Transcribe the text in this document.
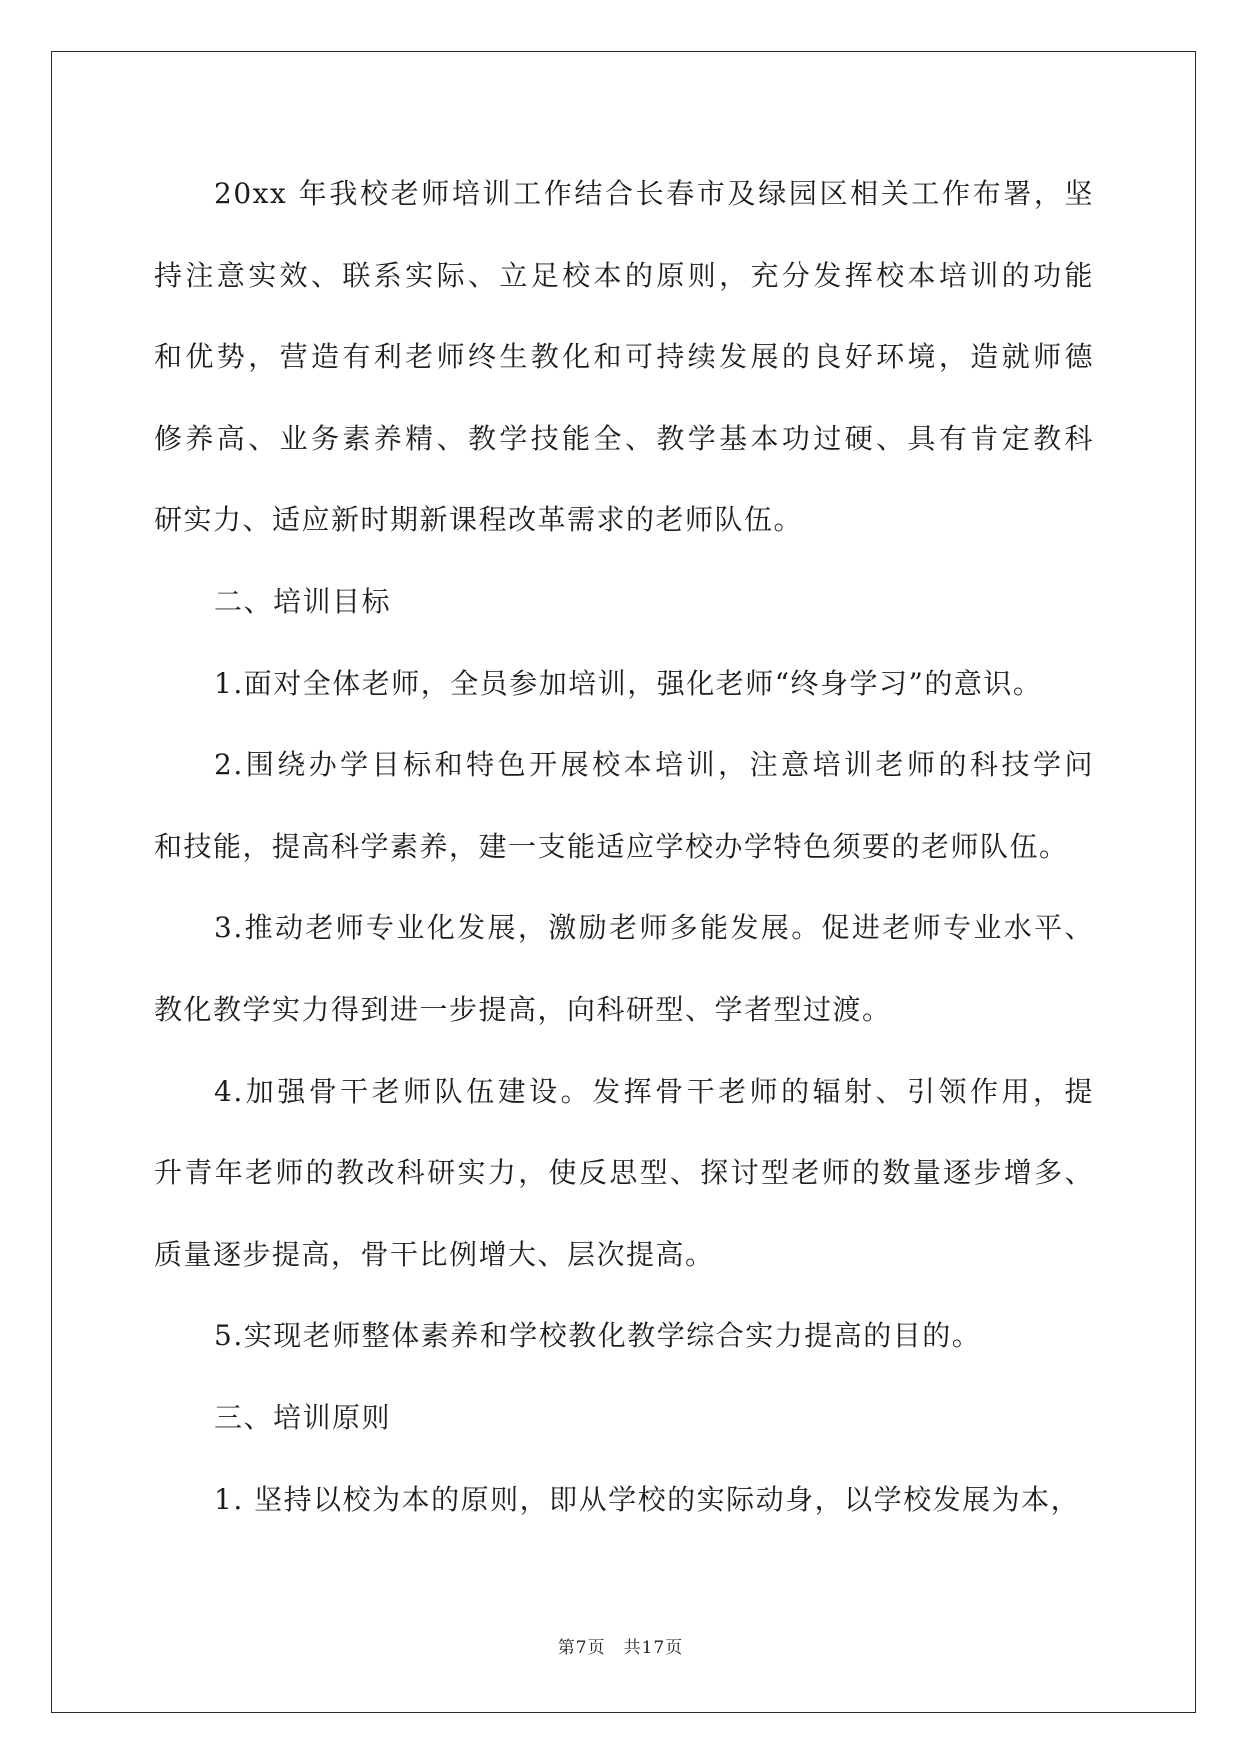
20xx 年我校老师培训工作结合长春市及绿园区相关工作布署，坚
持注意实效、联系实际、立足校本的原则，充分发挥校本培训的功能
和优势，营造有利老师终生教化和可持续发展的良好环境，造就师德
修养高、业务素养精、教学技能全、教学基本功过硬、具有肯定教科
研实力、适应新时期新课程改革需求的老师队伍。
二、培训目标
1.面对全体老师，全员参加培训，强化老师“终身学习”的意识。
2.围绕办学目标和特色开展校本培训，注意培训老师的科技学问
和技能，提高科学素养，建一支能适应学校办学特色须要的老师队伍。
3.推动老师专业化发展，激励老师多能发展。促进老师专业水平、
教化教学实力得到进一步提高，向科研型、学者型过渡。
4.加强骨干老师队伍建设。发挥骨干老师的辐射、引领作用，提
升青年老师的教改科研实力，使反思型、探讨型老师的数量逐步增多、
质量逐步提高，骨干比例增大、层次提高。
5.实现老师整体素养和学校教化教学综合实力提高的目的。
三、培训原则
1. 坚持以校为本的原则，即从学校的实际动身，以学校发展为本，
第7页　共17页
